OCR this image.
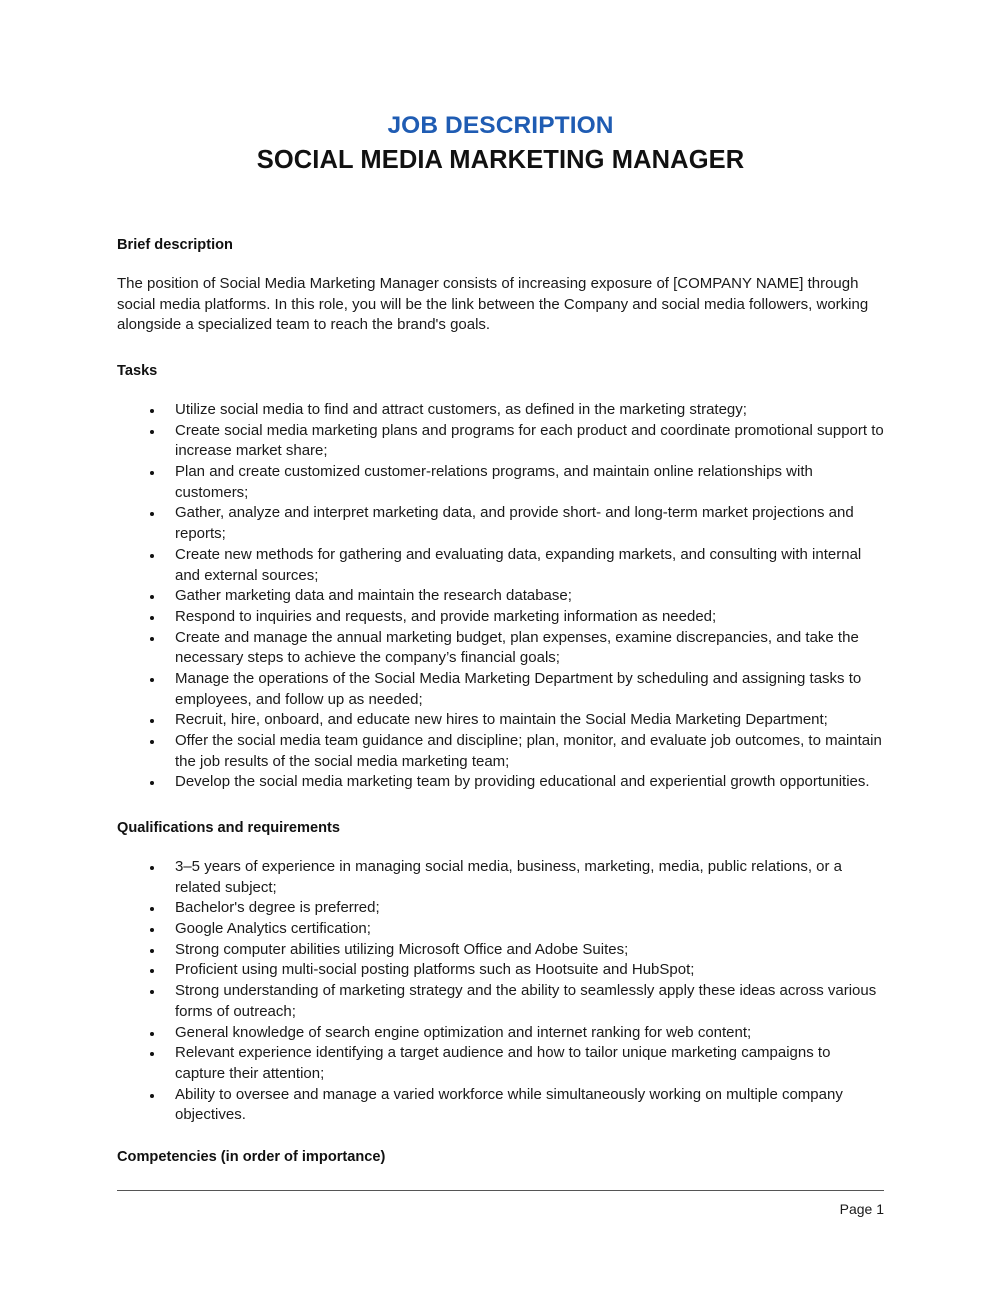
JOB DESCRIPTION
SOCIAL MEDIA MARKETING MANAGER
Brief description

The position of Social Media Marketing Manager consists of increasing exposure of [COMPANY NAME] through social media platforms. In this role, you will be the link between the Company and social media followers, working alongside a specialized team to reach the brand's goals.

Tasks
Utilize social media to find and attract customers, as defined in the marketing strategy;
Create social media marketing plans and programs for each product and coordinate promotional support to increase market share;
Plan and create customized customer-relations programs, and maintain online relationships with customers;
Gather, analyze and interpret marketing data, and provide short- and long-term market projections and reports;
Create new methods for gathering and evaluating data, expanding markets, and consulting with internal and external sources;
Gather marketing data and maintain the research database;
Respond to inquiries and requests, and provide marketing information as needed;
Create and manage the annual marketing budget, plan expenses, examine discrepancies, and take the necessary steps to achieve the company’s financial goals;
Manage the operations of the Social Media Marketing Department by scheduling and assigning tasks to employees, and follow up as needed;
Recruit, hire, onboard, and educate new hires to maintain the Social Media Marketing Department;
Offer the social media team guidance and discipline; plan, monitor, and evaluate job outcomes, to maintain the job results of the social media marketing team;
Develop the social media marketing team by providing educational and experiential growth opportunities.
Qualifications and requirements
3–5 years of experience in managing social media, business, marketing, media, public relations, or a related subject;
Bachelor's degree is preferred;
Google Analytics certification;
Strong computer abilities utilizing Microsoft Office and Adobe Suites;
Proficient using multi-social posting platforms such as Hootsuite and HubSpot;
Strong understanding of marketing strategy and the ability to seamlessly apply these ideas across various forms of outreach;
General knowledge of search engine optimization and internet ranking for web content;
Relevant experience identifying a target audience and how to tailor unique marketing campaigns to capture their attention;
Ability to oversee and manage a varied workforce while simultaneously working on multiple company objectives.
Competencies (in order of importance)
Page 1
